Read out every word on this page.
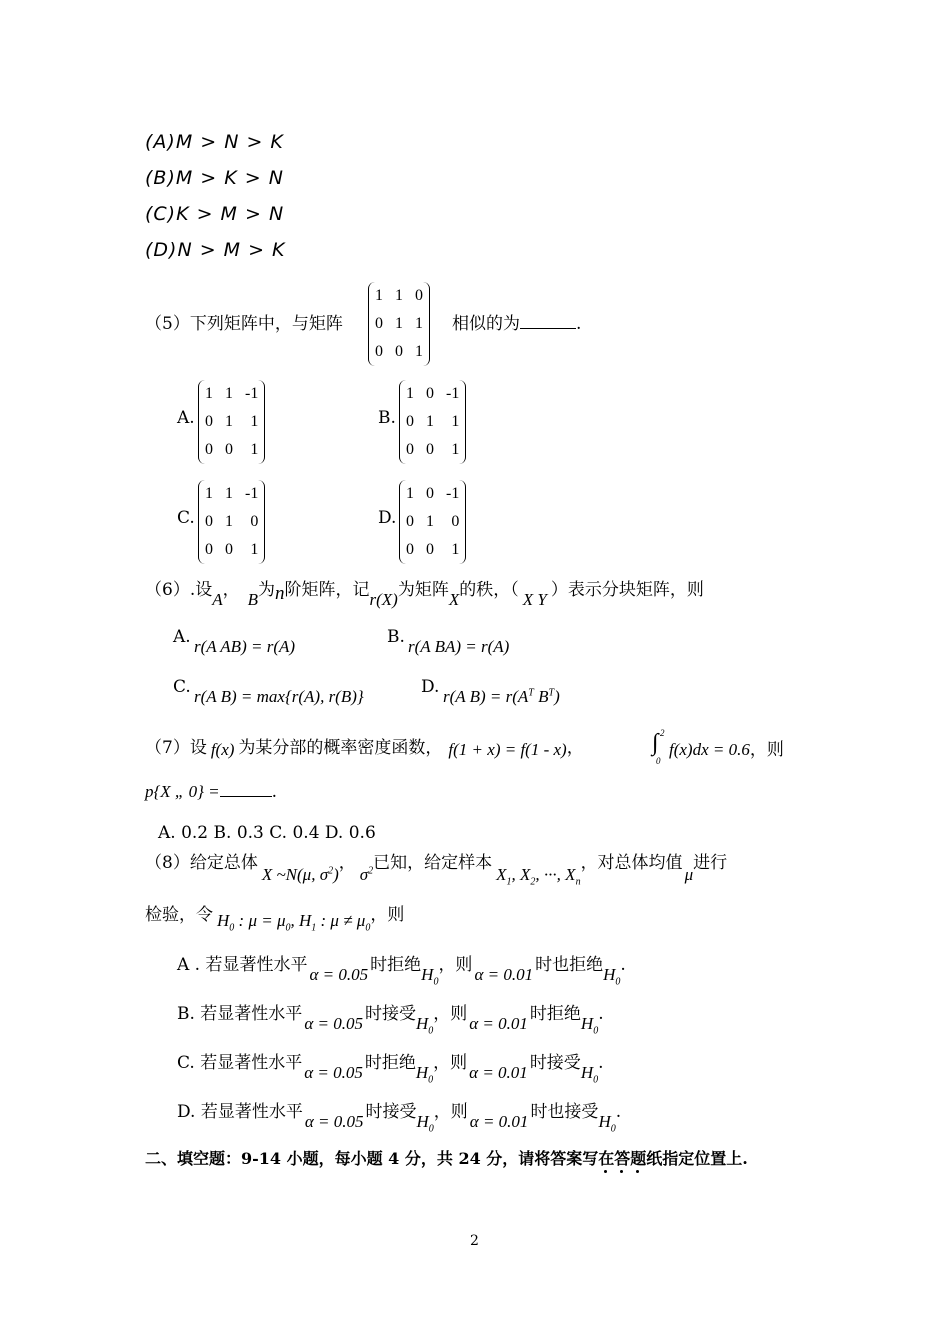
(A)M > N > K
(B)M > K > N
(C)K > M > N
(D)N > M > K
（5）下列矩阵中，与矩阵
1	1	0
0	1	1
0	0	1
相似的为	.
A.
1	1	-1
0	1	1
0	0	1
B.
1	0	-1
0	1	1
0	0	1
C.
1	1	-1
0	1	0
0	0	1
D.
1	0	-1
0	1	0
0	0	1
（6）.设A， B为n阶矩阵，记r(X)为矩阵X的秩，（ X Y ）表示分块矩阵，则
A. r(A AB) = r(A)	B. r(A BA) = r(A)
C. r(A B) = max{r(A), r(B)}	D. r(A $B) = r(A^T$ $B^T$)
（7）设 f(x) 为某分部的概率密度函数， f(1 + x) = f(1 - x)，	∫ 2
0
f(x)dx = 0.6，则
p{X „ 0} =	.
A. 0.2 B. 0.3 C. 0.4 D. 0.6
（8）给定总体X ~N(μ, $\sigma^2$)，$\sigma^2$已知，给定样本$X_1$, $X_2$, ···, $X_n$，对总体均值μ进行
检验，令 $H_0$ : $\mu = \mu_0$, $H_1$ : $\mu \ne \mu_0$，则
A . 若显著性水平 α = 0.05 时拒绝$H_0$，则 α = 0.01 时也拒绝$H_0$.
B. 若显著性水平 α = 0.05 时接受$H_0$，则 α = 0.01 时拒绝$H_0$.
C. 若显著性水平 α = 0.05 时拒绝$H_0$，则 α = 0.01 时接受$H_0$.
D. 若显著性水平 α = 0.05 时接受$H_0$，则 α = 0.01 时也接受$H_0$.
二、填空题：9-14 小题，每小题 4 分，共 24 分，请将答案写在答题纸指定位置上.
2
